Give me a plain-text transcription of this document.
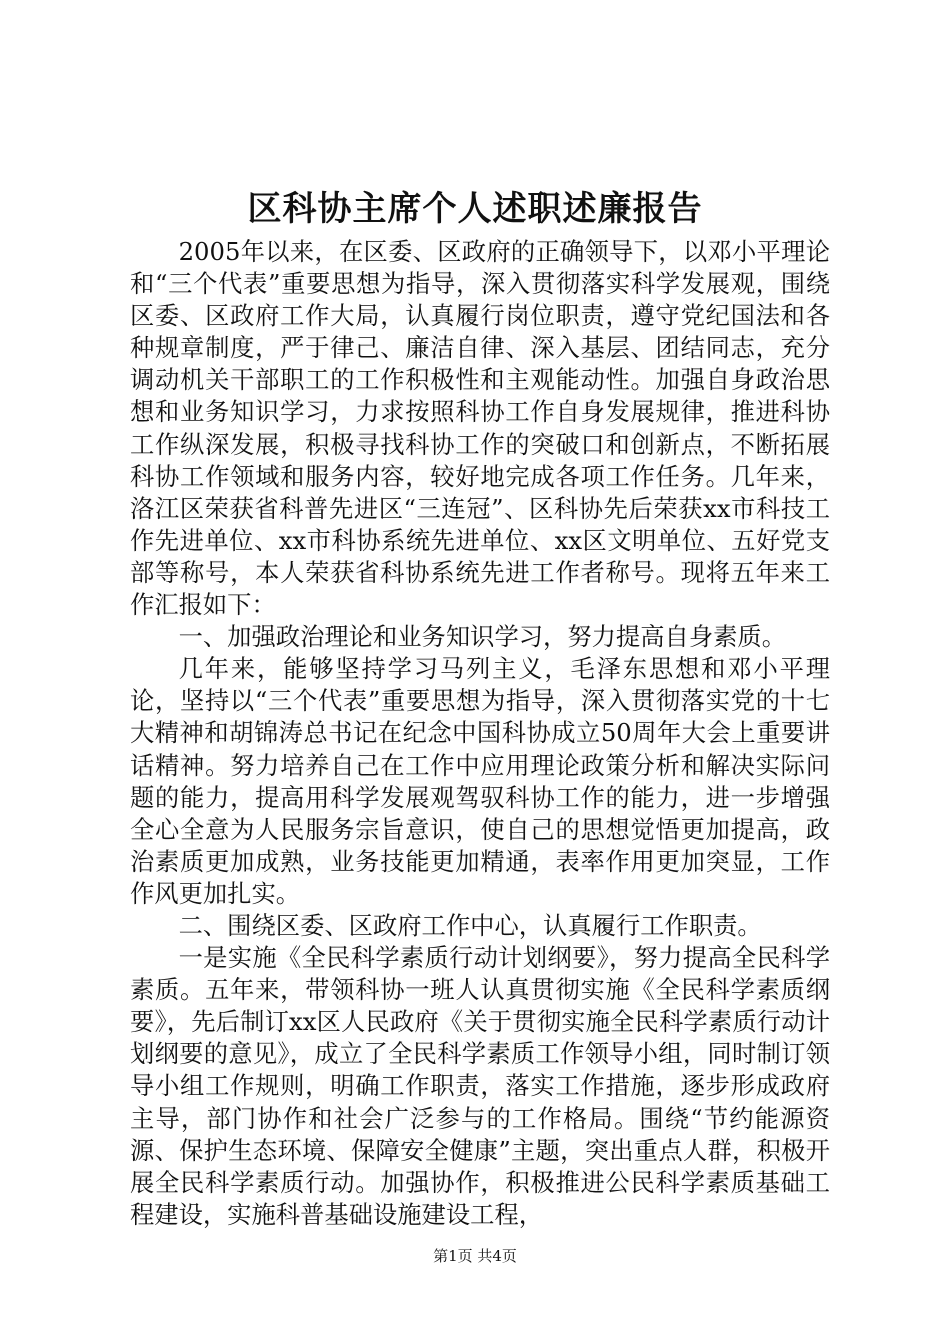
区科协主席个人述职述廉报告

2005年以来，在区委、区政府的正确领导下，以邓小平理论和“三个代表”重要思想为指导，深入贯彻落实科学发展观，围绕区委、区政府工作大局，认真履行岗位职责，遵守党纪国法和各种规章制度，严于律己、廉洁自律、深入基层、团结同志，充分调动机关干部职工的工作积极性和主观能动性。加强自身政治思想和业务知识学习，力求按照科协工作自身发展规律，推进科协工作纵深发展，积极寻找科协工作的突破口和创新点，不断拓展科协工作领域和服务内容，较好地完成各项工作任务。几年来，洛江区荣获省科普先进区“三连冠”、区科协先后荣获xx市科技工作先进单位、xx市科协系统先进单位、xx区文明单位、五好党支部等称号，本人荣获省科协系统先进工作者称号。现将五年来工作汇报如下：

一、加强政治理论和业务知识学习，努力提高自身素质。

几年来，能够坚持学习马列主义，毛泽东思想和邓小平理论，坚持以“三个代表”重要思想为指导，深入贯彻落实党的十七大精神和胡锦涛总书记在纪念中国科协成立50周年大会上重要讲话精神。努力培养自己在工作中应用理论政策分析和解决实际问题的能力，提高用科学发展观驾驭科协工作的能力，进一步增强全心全意为人民服务宗旨意识，使自己的思想觉悟更加提高，政治素质更加成熟，业务技能更加精通，表率作用更加突显，工作作风更加扎实。

二、围绕区委、区政府工作中心，认真履行工作职责。

一是实施《全民科学素质行动计划纲要》，努力提高全民科学素质。五年来，带领科协一班人认真贯彻实施《全民科学素质纲要》，先后制订xx区人民政府《关于贯彻实施全民科学素质行动计划纲要的意见》，成立了全民科学素质工作领导小组，同时制订领导小组工作规则，明确工作职责，落实工作措施，逐步形成政府主导，部门协作和社会广泛参与的工作格局。围绕“节约能源资源、保护生态环境、保障安全健康”主题，突出重点人群，积极开展全民科学素质行动。加强协作，积极推进公民科学素质基础工程建设，实施科普基础设施建设工程，

第1页 共4页
